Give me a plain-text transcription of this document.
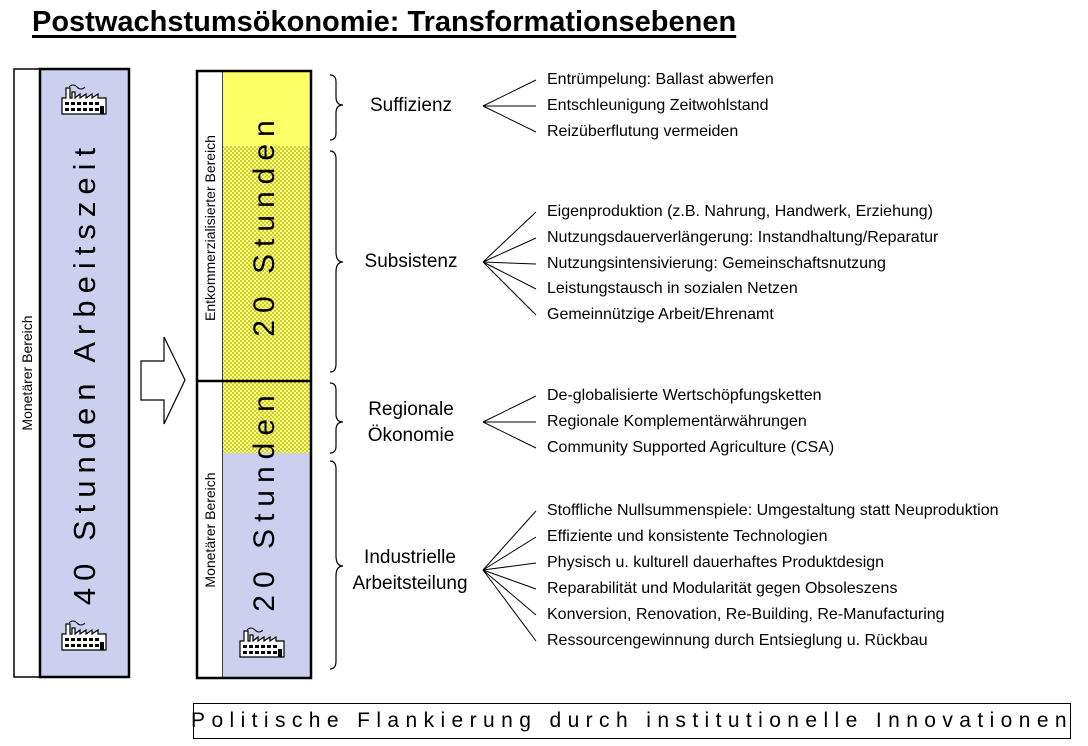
Postwachstumsökonomie: Transformationsebenen
Monetärer Bereich 40 Stunden Arbeitszeit	Entkommerzialisierter Bereich 20 Stunden
Monetärer Bereich 20 Stunden
Suffizienz
Subsistenz
Regionale
Ökonomie
Industrielle
Arbeitsteilung
Entrümpelung: Ballast abwerfen
Entschleunigung Zeitwohlstand
Reizüberflutung vermeiden
Eigenproduktion (z.B. Nahrung, Handwerk, Erziehung)
Nutzungsdauerverlängerung: Instandhaltung/Reparatur
Nutzungsintensivierung: Gemeinschaftsnutzung
Leistungstausch in sozialen Netzen
Gemeinnützige Arbeit/Ehrenamt
De-globalisierte Wertschöpfungsketten
Regionale Komplementärwährungen
Community Supported Agriculture (CSA)
Stoffliche Nullsummenspiele: Umgestaltung statt Neuproduktion
Effiziente und konsistente Technologien
Physisch u. kulturell dauerhaftes Produktdesign
Reparabilität und Modularität gegen Obsoleszens
Konversion, Renovation, Re-Building, Re-Manufacturing
Ressourcengewinnung durch Entsieglung u. Rückbau
Politische Flankierung durch institutionelle Innovationen
